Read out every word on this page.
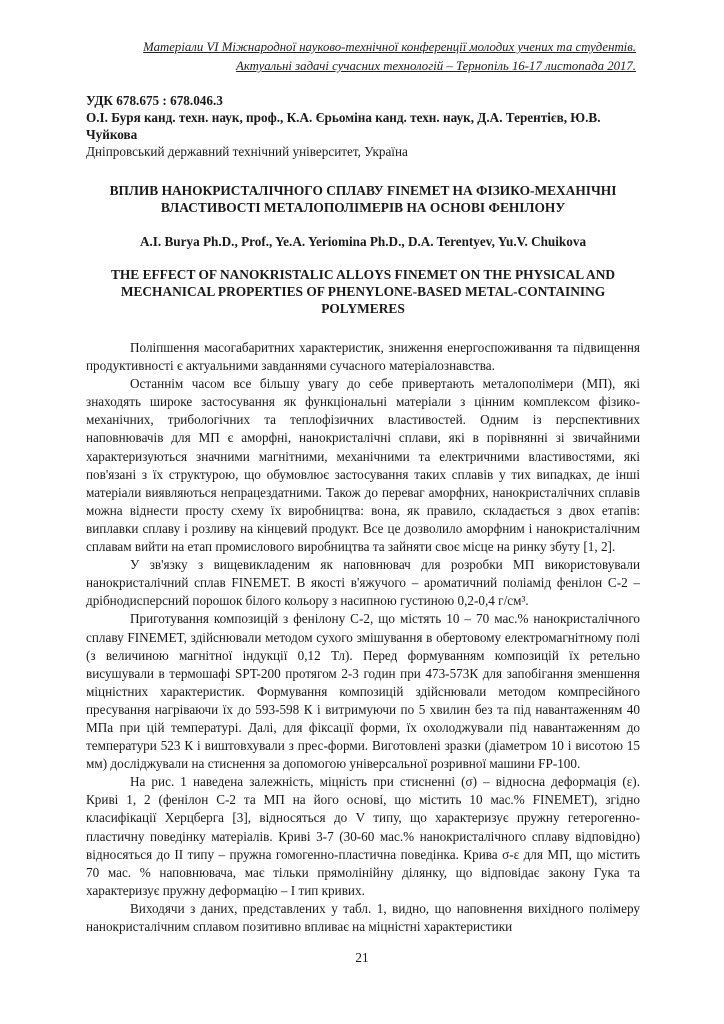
Матеріали VI Міжнародної науково-технічної конференції молодих учених та студентів.
Актуальні задачі сучасних технологій – Тернопіль 16-17 листопада 2017.
УДК 678.675 : 678.046.3
О.І. Буря канд. техн. наук, проф., К.А. Єрьоміна канд. техн. наук, Д.А. Терентієв, Ю.В. Чуйкова
Дніпровський державний технічний університет, Україна
ВПЛИВ НАНОКРИСТАЛІЧНОГО СПЛАВУ FINEMET НА ФІЗИКО-МЕХАНІЧНІ ВЛАСТИВОСТІ МЕТАЛОПОЛІМЕРІВ НА ОСНОВІ ФЕНІЛОНУ
A.I. Burya Ph.D., Prof., Ye.A. Yeriomina Ph.D., D.A. Terentyev, Yu.V. Chuikova
THE EFFECT OF NANOKRISTALIC ALLOYS FINEMET ON THE PHYSICAL AND MECHANICAL PROPERTIES OF PHENYLONE-BASED METAL-CONTAINING POLYMERES

Поліпшення масогабаритних характеристик, зниження енергоспоживання та підвищення продуктивності є актуальними завданнями сучасного матеріалознавства.

Останнім часом все більшу увагу до себе привертають металополімери (МП), які знаходять широке застосування як функціональні матеріали з цінним комплексом фізико-механічних, трибологічних та теплофізичних властивостей. Одним із перспективних наповнювачів для МП є аморфні, нанокристалічні сплави, які в порівнянні зі звичайними характеризуються значними магнітними, механічними та електричними властивостями, які пов'язані з їх структурою, що обумовлює застосування таких сплавів у тих випадках, де інші матеріали виявляються непрацездатними. Також до переваг аморфних, нанокристалічних сплавів можна віднести просту схему їх виробництва: вона, як правило, складається з двох етапів: виплавки сплаву і розливу на кінцевий продукт. Все це дозволило аморфним і нанокристалічним сплавам вийти на етап промислового виробництва та зайняти своє місце на ринку збуту [1, 2].

У зв'язку з вищевикладеним як наповнювач для розробки МП використовували нанокристалічний сплав FINEMET. В якості в'яжучого – ароматичний поліамід фенілон С-2 – дрібнодисперсний порошок білого кольору з насипною густиною 0,2-0,4 г/см³.

Приготування композицій з фенілону С-2, що містять 10 – 70 мас.% нанокристалічного сплаву FINEMET, здійснювали методом сухого змішування в обертовому електромагнітному полі (з величиною магнітної індукції 0,12 Тл). Перед формуванням композицій їх ретельно висушували в термошафі SPT-200 протягом 2-3 годин при 473-573К для запобігання зменшення міцністних характеристик. Формування композицій здійснювали методом компресійного пресування нагріваючи їх до 593-598 К і витримуючи по 5 хвилин без та під навантаженням 40 МПа при цій температурі. Далі, для фіксації форми, їх охолоджували під навантаженням до температури 523 К і виштовхували з прес-форми. Виготовлені зразки (діаметром 10 і висотою 15 мм) досліджували на стиснення за допомогою універсальної розривної машини FP-100.

На рис. 1 наведена залежність, міцність при стисненні (σ) – відносна деформація (ε). Криві 1, 2 (фенілон С-2 та МП на його основі, що містить 10 мас.% FINEMET), згідно класифікації Херцберга [3], відносяться до V типу, що характеризує пружну гетерогенно-пластичну поведінку матеріалів. Криві 3-7 (30-60 мас.% нанокристалічного сплаву відповідно) відносяться до ІІ типу – пружна гомогенно-пластична поведінка. Крива σ-ε для МП, що містить 70 мас. % наповнювача, має тільки прямолінійну ділянку, що відповідає закону Гука та характеризує пружну деформацію – І тип кривих.

Виходячи з даних, представлених у табл. 1, видно, що наповнення вихідного полімеру нанокристалічним сплавом позитивно впливає на міцністні характеристики

21
